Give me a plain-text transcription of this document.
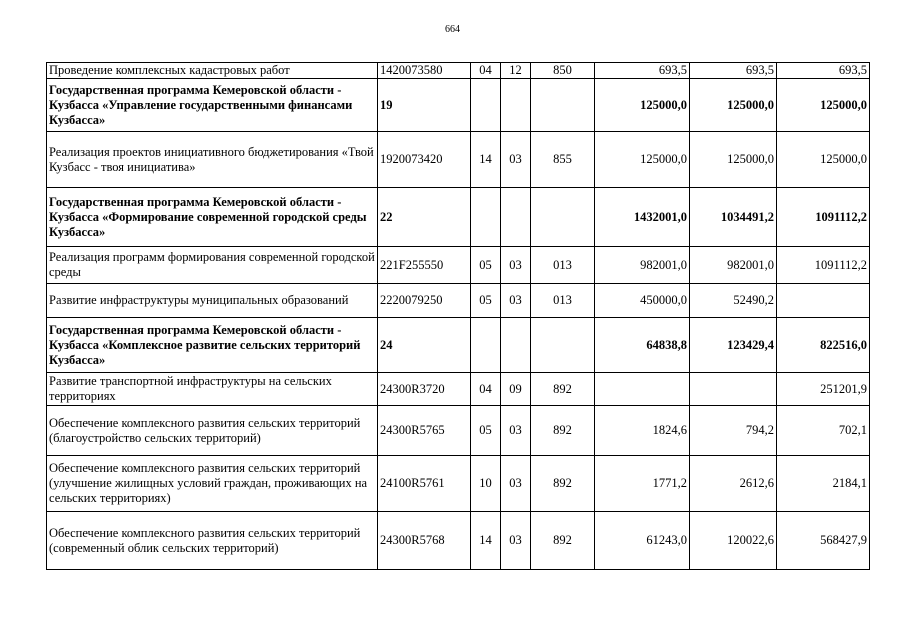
664
Проведение комплексных кадастровых работ	1420073580	04	12	850	693,5	693,5	693,5
Государственная программа Кемеровской области - Кузбасса «Управление государственными финансами Кузбасса»	19				125000,0	125000,0	125000,0
Реализация проектов инициативного бюджетирования «Твой Кузбасс - твоя инициатива»	1920073420	14	03	855	125000,0	125000,0	125000,0
Государственная программа Кемеровской области - Кузбасса «Формирование современной городской среды Кузбасса»	22				1432001,0	1034491,2	1091112,2
Реализация программ формирования современной городской среды	221F255550	05	03	013	982001,0	982001,0	1091112,2
Развитие инфраструктуры муниципальных образований	2220079250	05	03	013	450000,0	52490,2	
Государственная программа Кемеровской области - Кузбасса «Комплексное развитие сельских территорий Кузбасса»	24				64838,8	123429,4	822516,0
Развитие транспортной инфраструктуры на сельских территориях	24300R3720	04	09	892			251201,9
Обеспечение комплексного развития сельских территорий (благоустройство сельских территорий)	24300R5765	05	03	892	1824,6	794,2	702,1
Обеспечение комплексного развития сельских территорий (улучшение жилищных условий граждан, проживающих на сельских территориях)	24100R5761	10	03	892	1771,2	2612,6	2184,1
Обеспечение комплексного развития сельских территорий (современный облик сельских территорий)	24300R5768	14	03	892	61243,0	120022,6	568427,9
